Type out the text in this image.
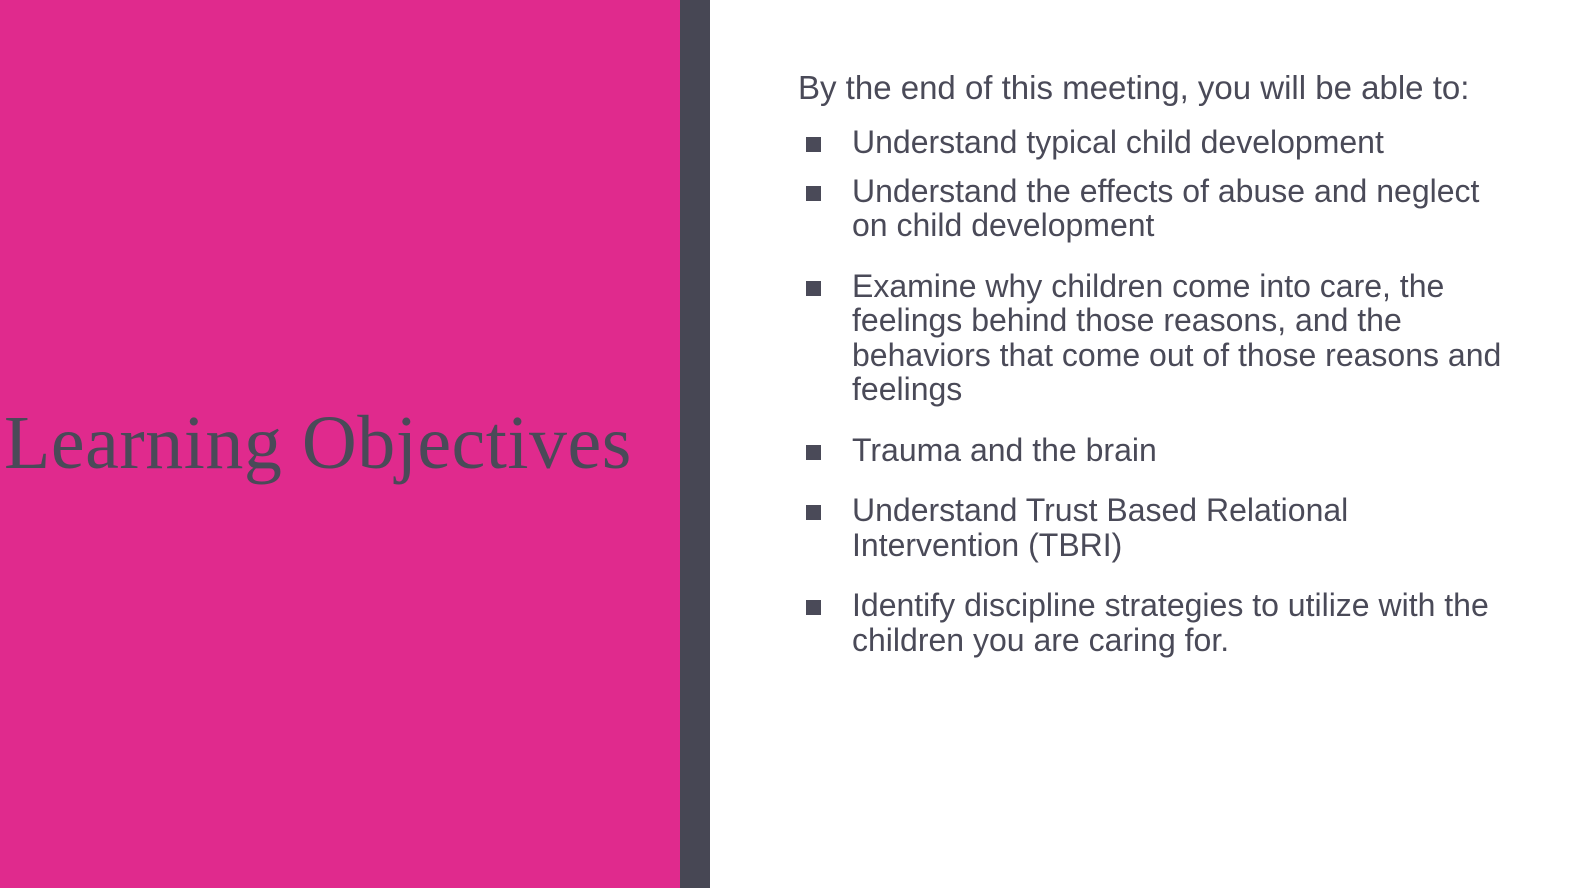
Learning Objectives

By the end of this meeting, you will be able to:

Understand typical child development
Understand the effects of abuse and neglect on child development
Examine why children come into care, the feelings behind those reasons, and the behaviors that come out of those reasons and feelings
Trauma and the brain
Understand Trust Based Relational Intervention (TBRI)
Identify discipline strategies to utilize with the children you are caring for.
